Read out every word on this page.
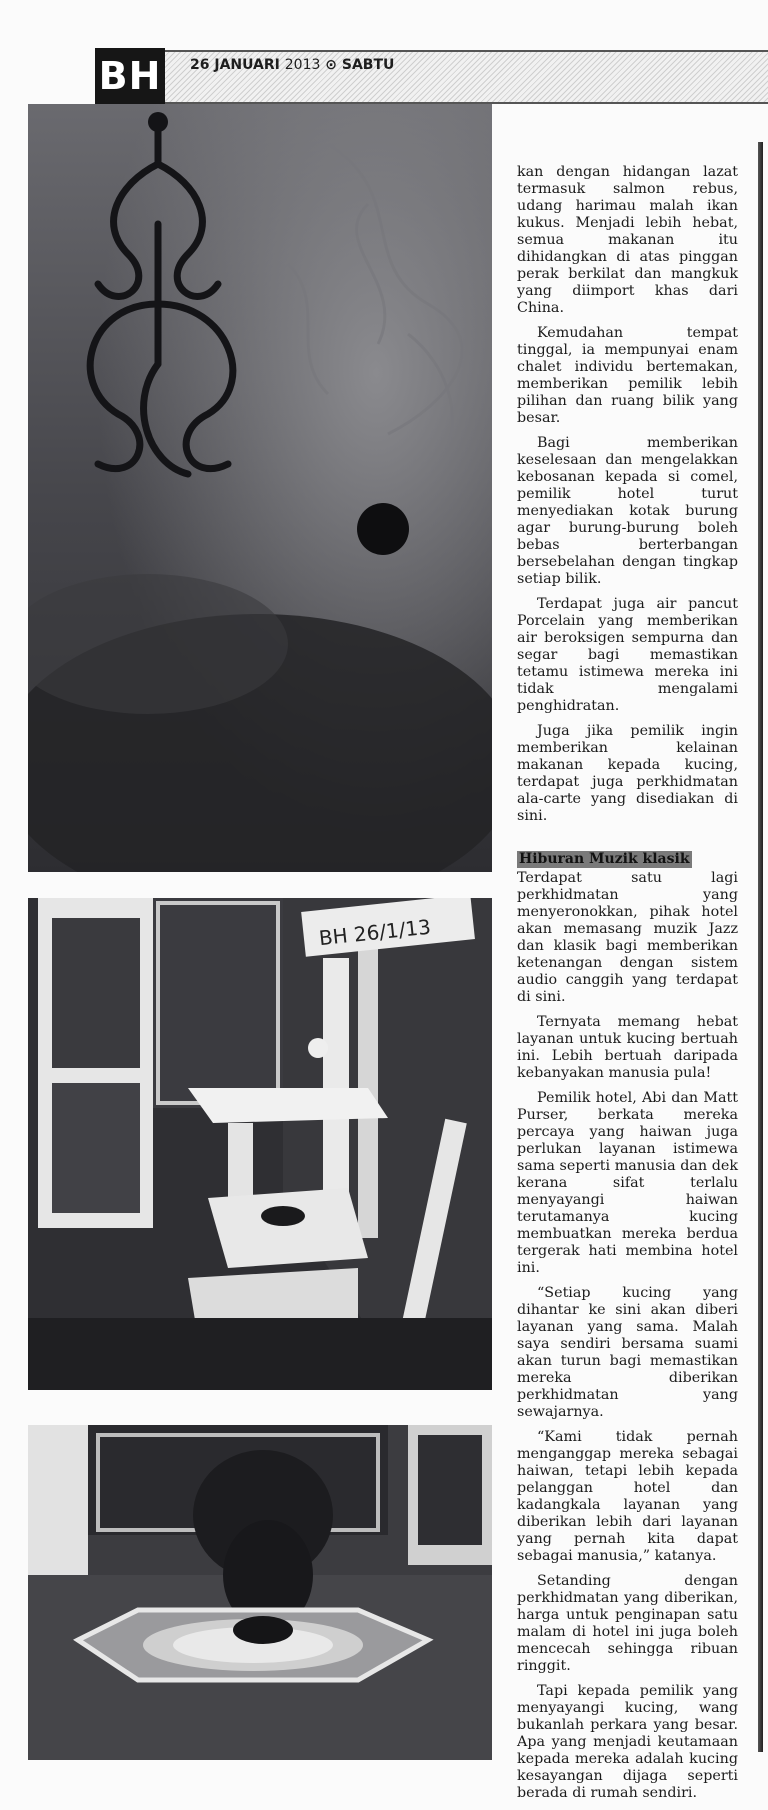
BH 26 JANUARI 2013 ⊙ SABTU
BH 26/1/13

kan dengan hidangan lazat termasuk salmon rebus, udang harimau malah ikan kukus. Menjadi lebih hebat, semua makanan itu dihidangkan di atas pinggan perak berkilat dan mangkuk yang diimport khas dari China.

Kemudahan tempat tinggal, ia mempunyai enam chalet individu bertemakan, memberikan pemilik lebih pilihan dan ruang bilik yang besar.

Bagi memberikan keselesaan dan mengelakkan kebosanan kepada si comel, pemilik hotel turut menyediakan kotak burung agar burung-burung boleh bebas berterbangan bersebelahan dengan tingkap setiap bilik.

Terdapat juga air pancut Porcelain yang memberikan air beroksigen sempurna dan segar bagi memastikan tetamu istimewa mereka ini tidak mengalami penghidratan.

Juga jika pemilik ingin memberikan kelainan makanan kepada kucing, terdapat juga perkhidmatan ala-carte yang disediakan di sini.

Hiburan Muzik klasik

Terdapat satu lagi perkhidmatan yang menyeronokkan, pihak hotel akan memasang muzik Jazz dan klasik bagi memberikan ketenangan dengan sistem audio canggih yang terdapat di sini.

Ternyata memang hebat layanan untuk kucing bertuah ini. Lebih bertuah daripada kebanyakan manusia pula!

Pemilik hotel, Abi dan Matt Purser, berkata mereka percaya yang haiwan juga perlukan layanan istimewa sama seperti manusia dan dek kerana sifat terlalu menyayangi haiwan terutamanya kucing membuatkan mereka berdua tergerak hati membina hotel ini.

“Setiap kucing yang dihantar ke sini akan diberi layanan yang sama. Malah saya sendiri bersama suami akan turun bagi memastikan mereka diberikan perkhidmatan yang sewajarnya.

“Kami tidak pernah menganggap mereka sebagai haiwan, tetapi lebih kepada pelanggan hotel dan kadangkala layanan yang diberikan lebih dari layanan yang pernah kita dapat sebagai manusia,” katanya.

Setanding dengan perkhidmatan yang diberikan, harga untuk penginapan satu malam di hotel ini juga boleh mencecah sehingga ribuan ringgit.

Tapi kepada pemilik yang menyayangi kucing, wang bukanlah perkara yang besar. Apa yang menjadi keutamaan kepada mereka adalah kucing kesayangan dijaga seperti berada di rumah sendiri.
